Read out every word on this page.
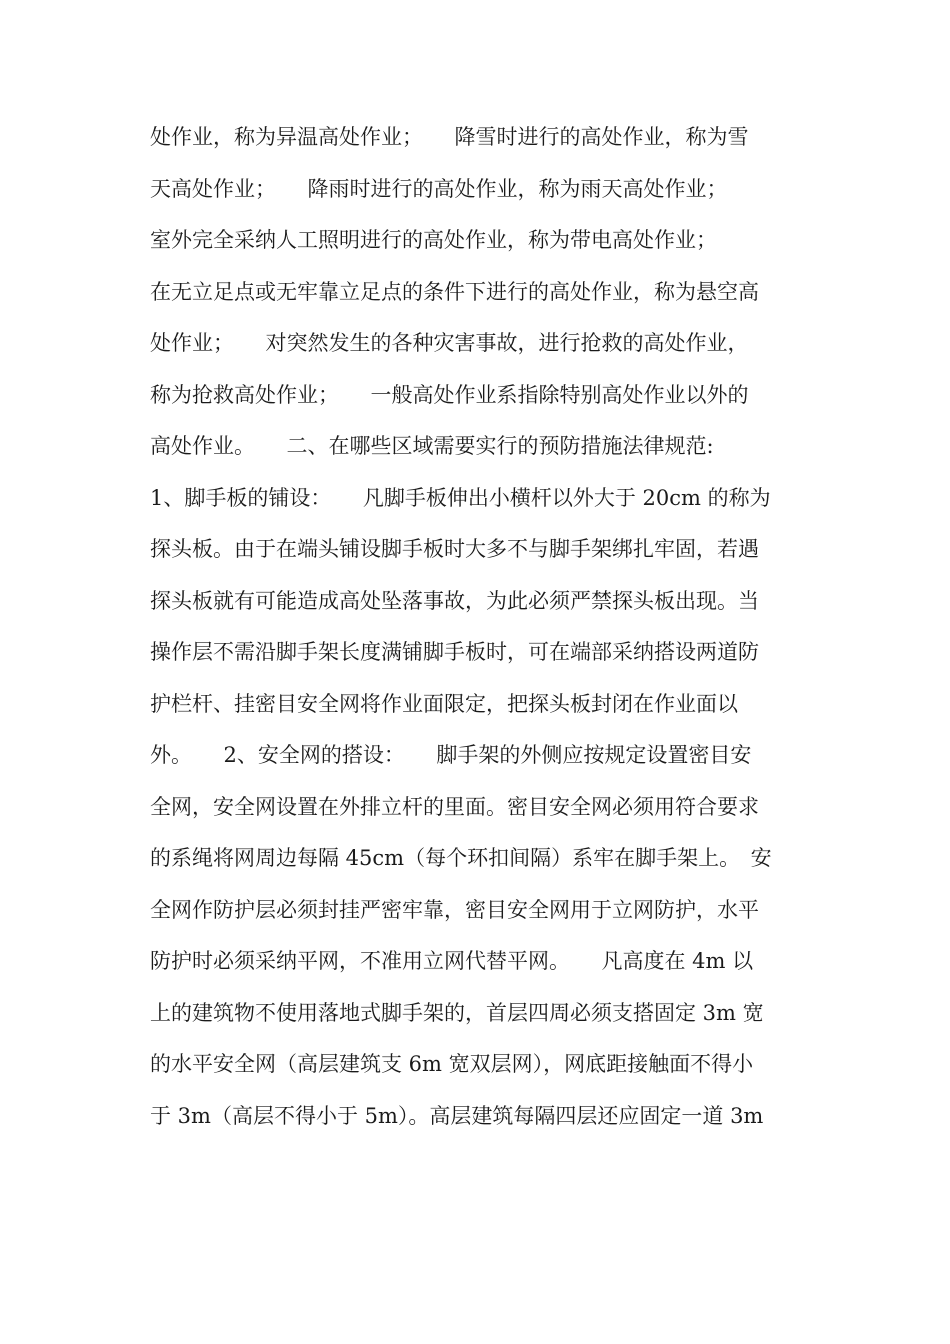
处作业，称为异温高处作业；　　降雪时进行的高处作业，称为雪
天高处作业；　　降雨时进行的高处作业，称为雨天高处作业；
室外完全采纳人工照明进行的高处作业，称为带电高处作业；
在无立足点或无牢靠立足点的条件下进行的高处作业，称为悬空高
处作业；　　对突然发生的各种灾害事故，进行抢救的高处作业，
称为抢救高处作业；　　一般高处作业系指除特别高处作业以外的
高处作业。　　二、在哪些区域需要实行的预防措施法律规范:
1、脚手板的铺设：　　凡脚手板伸出小横杆以外大于 20cm 的称为
探头板。由于在端头铺设脚手板时大多不与脚手架绑扎牢固，若遇
探头板就有可能造成高处坠落事故，为此必须严禁探头板出现。当
操作层不需沿脚手架长度满铺脚手板时，可在端部采纳搭设两道防
护栏杆、挂密目安全网将作业面限定，把探头板封闭在作业面以
外。　　2、安全网的搭设：　　脚手架的外侧应按规定设置密目安
全网，安全网设置在外排立杆的里面。密目安全网必须用符合要求
的系绳将网周边每隔 45cm（每个环扣间隔）系牢在脚手架上。　安
全网作防护层必须封挂严密牢靠，密目安全网用于立网防护，水平
防护时必须采纳平网，不准用立网代替平网。　　凡高度在 4m 以
上的建筑物不使用落地式脚手架的，首层四周必须支搭固定 3m 宽
的水平安全网（高层建筑支 6m 宽双层网），网底距接触面不得小
于 3m（高层不得小于 5m）。高层建筑每隔四层还应固定一道 3m
